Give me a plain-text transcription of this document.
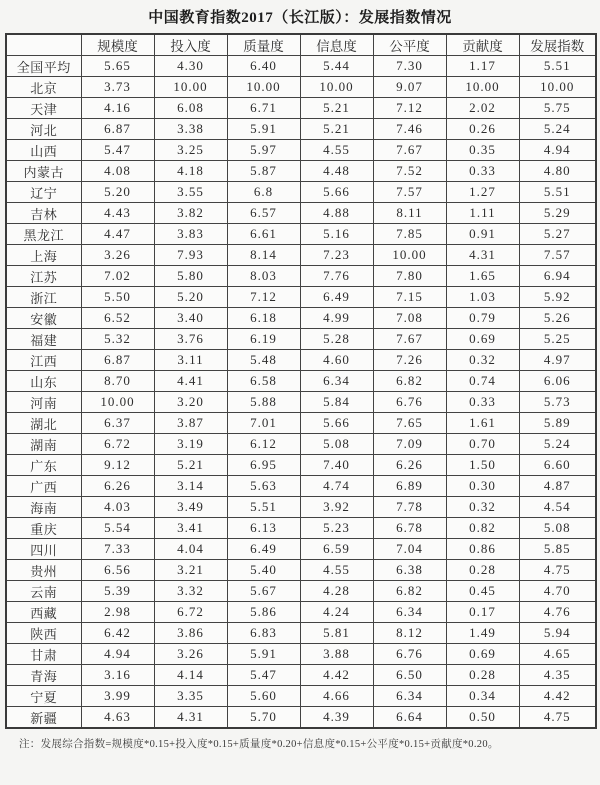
中国教育指数2017（长江版）：发展指数情况
	规模度	投入度	质量度	信息度	公平度	贡献度	发展指数
全国平均	5.65	4.30	6.40	5.44	7.30	1.17	5.51
北京	3.73	10.00	10.00	10.00	9.07	10.00	10.00
天津	4.16	6.08	6.71	5.21	7.12	2.02	5.75
河北	6.87	3.38	5.91	5.21	7.46	0.26	5.24
山西	5.47	3.25	5.97	4.55	7.67	0.35	4.94
内蒙古	4.08	4.18	5.87	4.48	7.52	0.33	4.80
辽宁	5.20	3.55	6.8	5.66	7.57	1.27	5.51
吉林	4.43	3.82	6.57	4.88	8.11	1.11	5.29
黑龙江	4.47	3.83	6.61	5.16	7.85	0.91	5.27
上海	3.26	7.93	8.14	7.23	10.00	4.31	7.57
江苏	7.02	5.80	8.03	7.76	7.80	1.65	6.94
浙江	5.50	5.20	7.12	6.49	7.15	1.03	5.92
安徽	6.52	3.40	6.18	4.99	7.08	0.79	5.26
福建	5.32	3.76	6.19	5.28	7.67	0.69	5.25
江西	6.87	3.11	5.48	4.60	7.26	0.32	4.97
山东	8.70	4.41	6.58	6.34	6.82	0.74	6.06
河南	10.00	3.20	5.88	5.84	6.76	0.33	5.73
湖北	6.37	3.87	7.01	5.66	7.65	1.61	5.89
湖南	6.72	3.19	6.12	5.08	7.09	0.70	5.24
广东	9.12	5.21	6.95	7.40	6.26	1.50	6.60
广西	6.26	3.14	5.63	4.74	6.89	0.30	4.87
海南	4.03	3.49	5.51	3.92	7.78	0.32	4.54
重庆	5.54	3.41	6.13	5.23	6.78	0.82	5.08
四川	7.33	4.04	6.49	6.59	7.04	0.86	5.85
贵州	6.56	3.21	5.40	4.55	6.38	0.28	4.75
云南	5.39	3.32	5.67	4.28	6.82	0.45	4.70
西藏	2.98	6.72	5.86	4.24	6.34	0.17	4.76
陕西	6.42	3.86	6.83	5.81	8.12	1.49	5.94
甘肃	4.94	3.26	5.91	3.88	6.76	0.69	4.65
青海	3.16	4.14	5.47	4.42	6.50	0.28	4.35
宁夏	3.99	3.35	5.60	4.66	6.34	0.34	4.42
新疆	4.63	4.31	5.70	4.39	6.64	0.50	4.75
注：发展综合指数=规模度*0.15+投入度*0.15+质量度*0.20+信息度*0.15+公平度*0.15+贡献度*0.20。
